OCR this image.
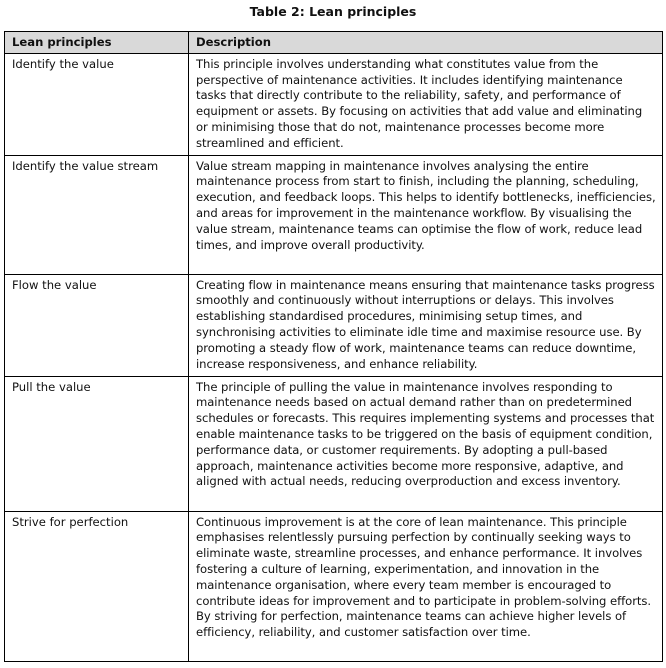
Table 2: Lean principles
Lean principles	Description
Identify the value	This principle involves understanding what constitutes value from the perspective of maintenance activities. It includes identifying maintenance tasks that directly contribute to the reliability, safety, and performance of equipment or assets. By focusing on activities that add value and eliminating or minimising those that do not, maintenance processes become more streamlined and efficient.
Identify the value stream	Value stream mapping in maintenance involves analysing the entire maintenance process from start to finish, including the planning, scheduling, execution, and feedback loops. This helps to identify bottlenecks, inefficiencies, and areas for improvement in the maintenance workflow. By visualising the value stream, maintenance teams can optimise the flow of work, reduce lead times, and improve overall productivity.
Flow the value	Creating flow in maintenance means ensuring that maintenance tasks progress smoothly and continuously without interruptions or delays. This involves establishing standardised procedures, minimising setup times, and synchronising activities to eliminate idle time and maximise resource use. By promoting a steady flow of work, maintenance teams can reduce downtime, increase responsiveness, and enhance reliability.
Pull the value	The principle of pulling the value in maintenance involves responding to maintenance needs based on actual demand rather than on predetermined schedules or forecasts. This requires implementing systems and processes that enable maintenance tasks to be triggered on the basis of equipment condition, performance data, or customer requirements. By adopting a pull-based approach, maintenance activities become more responsive, adaptive, and aligned with actual needs, reducing overproduction and excess inventory.
Strive for perfection	Continuous improvement is at the core of lean maintenance. This principle emphasises relentlessly pursuing perfection by continually seeking ways to eliminate waste, streamline processes, and enhance performance. It involves fostering a culture of learning, experimentation, and innovation in the maintenance organisation, where every team member is encouraged to contribute ideas for improvement and to participate in problem-solving efforts. By striving for perfection, maintenance teams can achieve higher levels of efficiency, reliability, and customer satisfaction over time.
